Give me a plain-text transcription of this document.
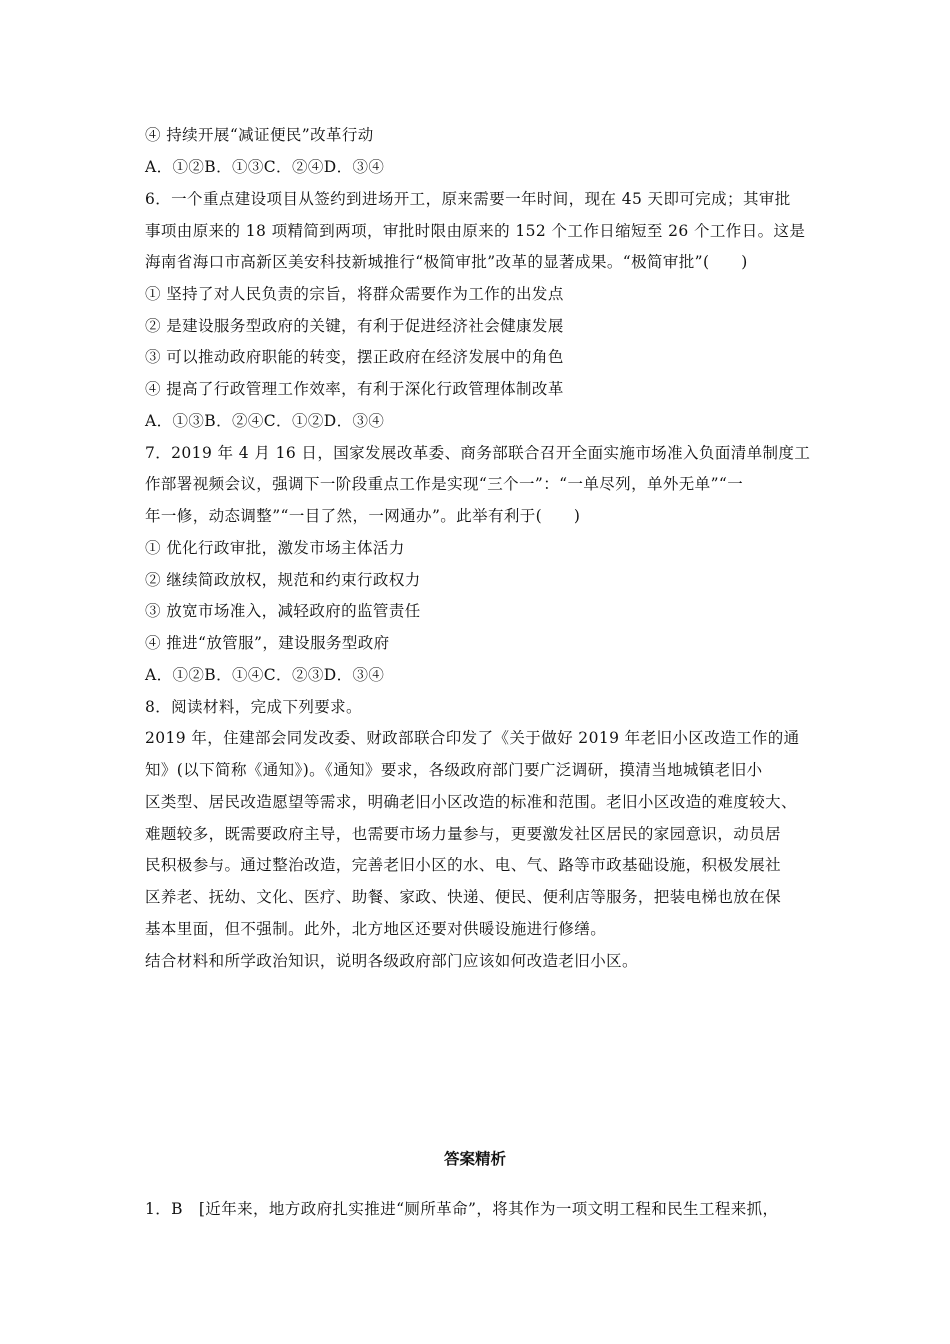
④ 持续开展“减证便民”改革行动
A．①②B．①③C．②④D．③④
6．一个重点建设项目从签约到进场开工，原来需要一年时间，现在 45 天即可完成；其审批
事项由原来的 18 项精简到两项，审批时限由原来的 152 个工作日缩短至 26 个工作日。这是
海南省海口市高新区美安科技新城推行“极简审批”改革的显著成果。“极简审批”(　　)
① 坚持了对人民负责的宗旨，将群众需要作为工作的出发点
② 是建设服务型政府的关键，有利于促进经济社会健康发展
③ 可以推动政府职能的转变，摆正政府在经济发展中的角色
④ 提高了行政管理工作效率，有利于深化行政管理体制改革
A．①③B．②④C．①②D．③④
7．2019 年 4 月 16 日，国家发展改革委、商务部联合召开全面实施市场准入负面清单制度工
作部署视频会议，强调下一阶段重点工作是实现“三个一”：“一单尽列，单外无单”“一
年一修，动态调整”“一目了然，一网通办”。此举有利于(　　)
① 优化行政审批，激发市场主体活力
② 继续简政放权，规范和约束行政权力
③ 放宽市场准入，减轻政府的监管责任
④ 推进“放管服”，建设服务型政府
A．①②B．①④C．②③D．③④
8．阅读材料，完成下列要求。
2019 年，住建部会同发改委、财政部联合印发了《关于做好 2019 年老旧小区改造工作的通
知》(以下简称《通知》)。《通知》要求，各级政府部门要广泛调研，摸清当地城镇老旧小
区类型、居民改造愿望等需求，明确老旧小区改造的标准和范围。老旧小区改造的难度较大、
难题较多，既需要政府主导，也需要市场力量参与，更要激发社区居民的家园意识，动员居
民积极参与。通过整治改造，完善老旧小区的水、电、气、路等市政基础设施，积极发展社
区养老、抚幼、文化、医疗、助餐、家政、快递、便民、便利店等服务，把装电梯也放在保
基本里面，但不强制。此外，北方地区还要对供暖设施进行修缮。
结合材料和所学政治知识，说明各级政府部门应该如何改造老旧小区。
答案精析
1．B　[近年来，地方政府扎实推进“厕所革命”，将其作为一项文明工程和民生工程来抓，
